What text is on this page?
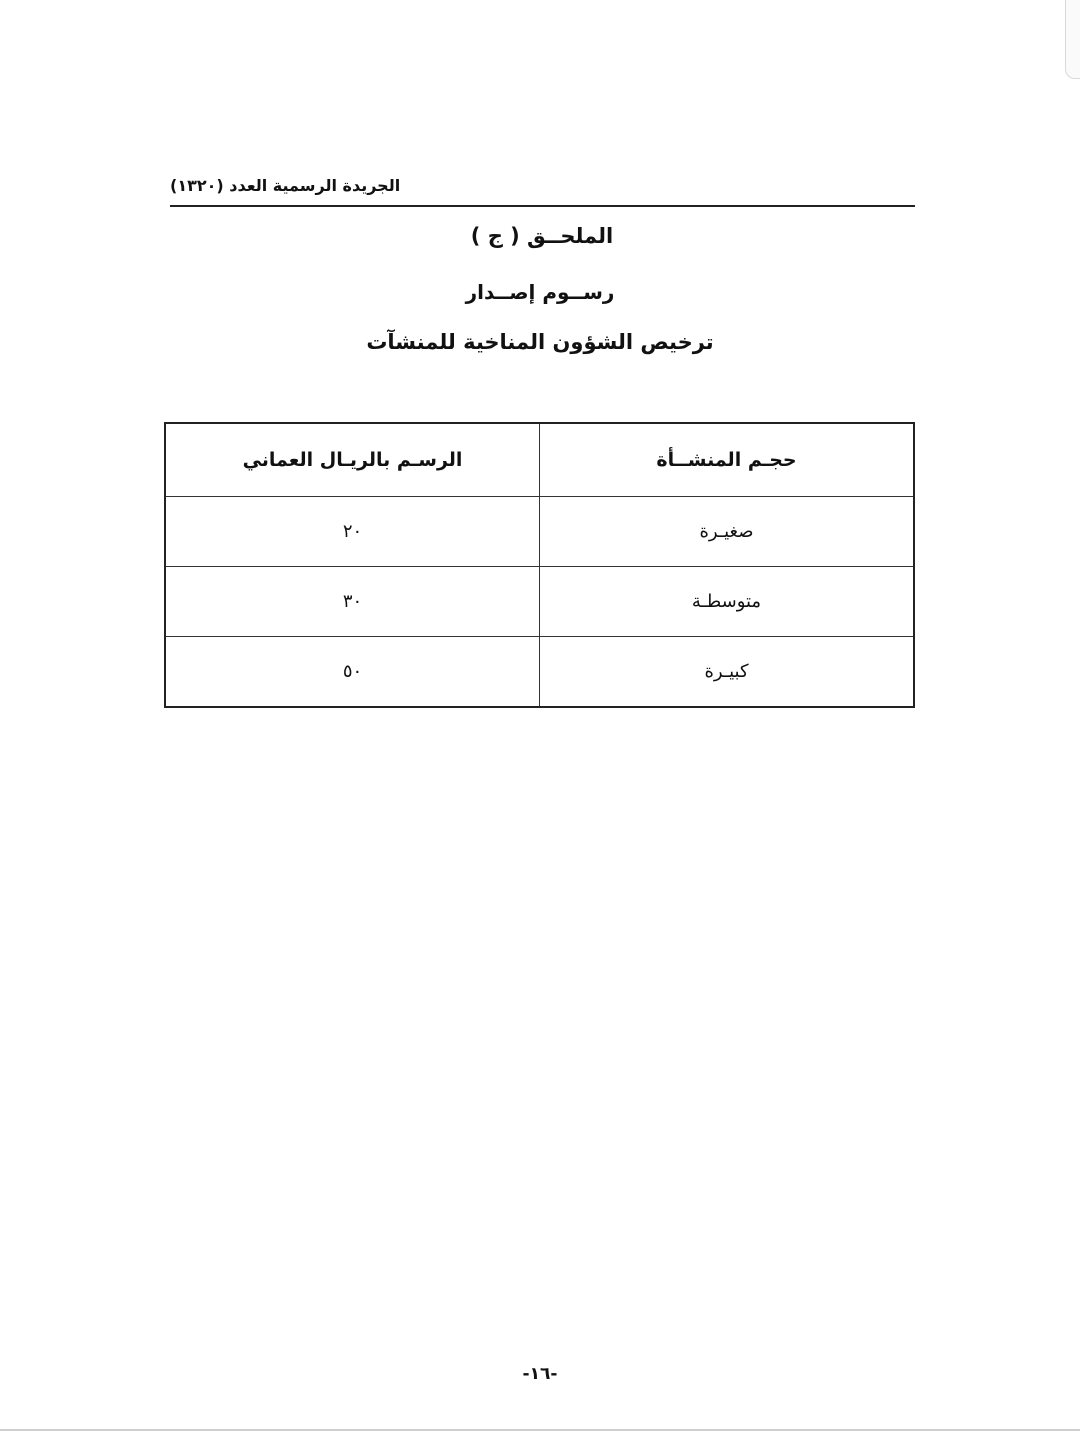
الجريدة الرسمية العدد (١٣٢٠)
الملحــق ( ج )
رســوم إصــدار
ترخيص الشؤون المناخية للمنشآت
حجـم المنشــأة	الرسـم بالريـال العماني
صغيـرة	٢٠
متوسطـة	٣٠
كبيـرة	٥٠
-١٦-
